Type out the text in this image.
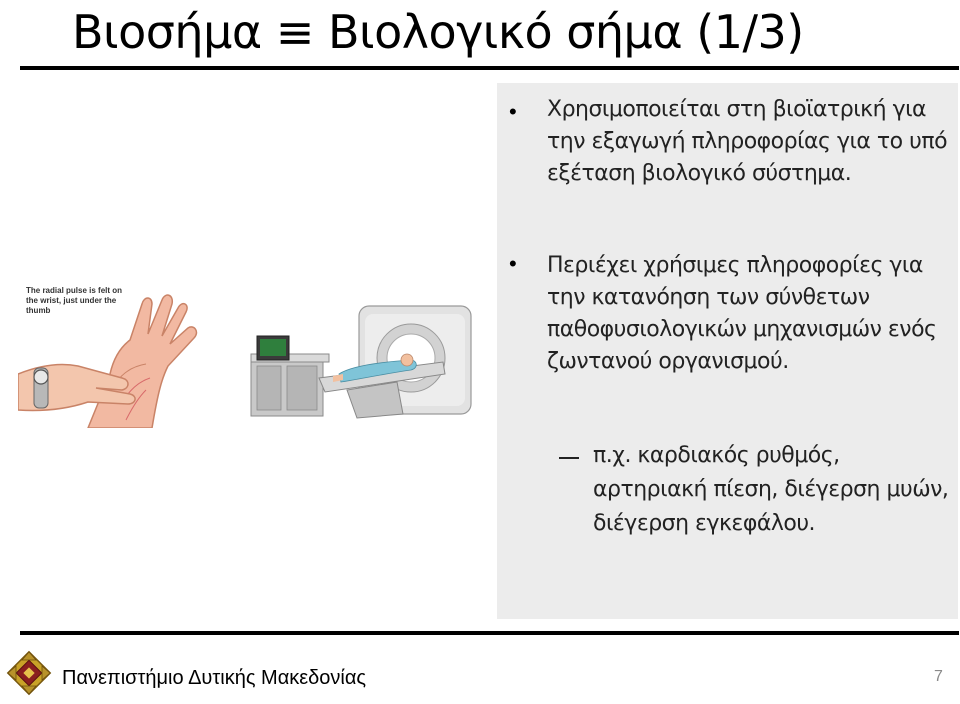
Βιοσήμα ≡ Βιολογικό σήμα (1/3)
• Χρησιμοποιείται στη βιοϊατρική για την εξαγωγή πληροφορίας για το υπό εξέταση βιολογικό σύστημα.
• Περιέχει χρήσιμες πληροφορίες για την κατανόηση των σύνθετων παθοφυσιολογικών μηχανισμών ενός ζωντανού οργανισμού.
π.χ. καρδιακός ρυθμός, αρτηριακή πίεση, διέγερση μυών, διέγερση εγκεφάλου.
The radial pulse is felt on the wrist, just under the thumb
Πανεπιστήμιο Δυτικής Μακεδονίας	7
